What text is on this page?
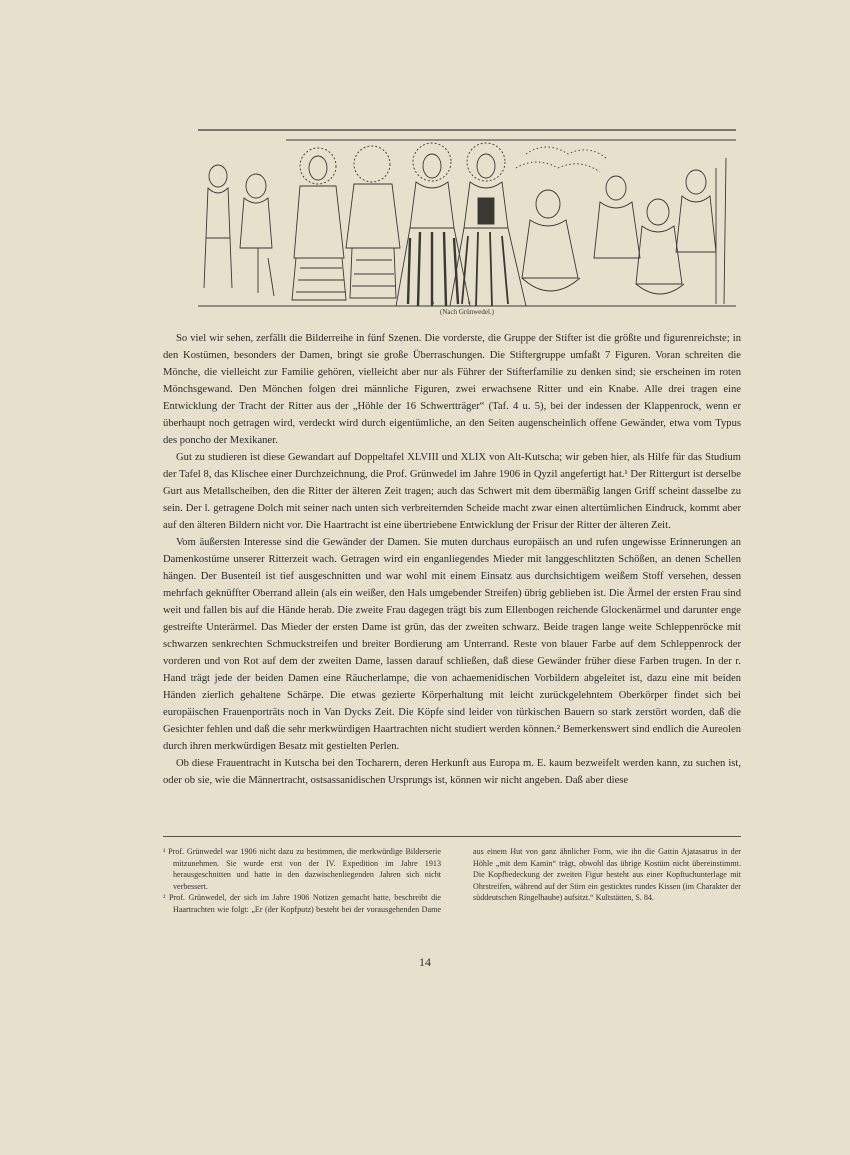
a	b
(Nach Grünwedel.)

So viel wir sehen, zerfällt die Bilderreihe in fünf Szenen. Die vorderste, die Gruppe der Stifter ist die größte und figurenreichste; in den Kostümen, besonders der Damen, bringt sie große Überraschungen. Die Stiftergruppe umfaßt 7 Figuren. Voran schreiten die Mönche, die vielleicht zur Familie gehören, vielleicht aber nur als Führer der Stifterfamilie zu denken sind; sie erscheinen im roten Mönchsgewand. Den Mönchen folgen drei männliche Figuren, zwei erwachsene Ritter und ein Knabe. Alle drei tragen eine Entwicklung der Tracht der Ritter aus der „Höhle der 16 Schwertträger“ (Taf. 4 u. 5), bei der indessen der Klappenrock, wenn er überhaupt noch getragen wird, verdeckt wird durch eigentümliche, an den Seiten augenscheinlich offene Gewänder, etwa vom Typus des poncho der Mexikaner.

Gut zu studieren ist diese Gewandart auf Doppeltafel XLVIII und XLIX von Alt-Kutscha; wir geben hier, als Hilfe für das Studium der Tafel 8, das Klischee einer Durchzeichnung, die Prof. Grünwedel im Jahre 1906 in Qyzil angefertigt hat.¹ Der Rittergurt ist derselbe Gurt aus Metallscheiben, den die Ritter der älteren Zeit tragen; auch das Schwert mit dem übermäßig langen Griff scheint dasselbe zu sein. Der l. getragene Dolch mit seiner nach unten sich verbreiternden Scheide macht zwar einen altertümlichen Eindruck, kommt aber auf den älteren Bildern nicht vor. Die Haartracht ist eine übertriebene Entwicklung der Frisur der Ritter der älteren Zeit.

Vom äußersten Interesse sind die Gewänder der Damen. Sie muten durchaus europäisch an und rufen ungewisse Erinnerungen an Damenkostüme unserer Ritterzeit wach. Getragen wird ein enganliegendes Mieder mit langgeschlitzten Schößen, an denen Schellen hängen. Der Busenteil ist tief ausgeschnitten und war wohl mit einem Einsatz aus durchsichtigem weißem Stoff versehen, dessen mehrfach geknüffter Oberrand allein (als ein weißer, den Hals umgebender Streifen) übrig geblieben ist. Die Ärmel der ersten Frau sind weit und fallen bis auf die Hände herab. Die zweite Frau dagegen trägt bis zum Ellenbogen reichende Glockenärmel und darunter enge gestreifte Unterärmel. Das Mieder der ersten Dame ist grün, das der zweiten schwarz. Beide tragen lange weite Schleppenröcke mit schwarzen senkrechten Schmuckstreifen und breiter Bordierung am Unterrand. Reste von blauer Farbe auf dem Schleppenrock der vorderen und von Rot auf dem der zweiten Dame, lassen darauf schließen, daß diese Gewänder früher diese Farben trugen. In der r. Hand trägt jede der beiden Damen eine Räucherlampe, die von achaemenidischen Vorbildern abgeleitet ist, dazu eine mit beiden Händen zierlich gehaltene Schärpe. Die etwas gezierte Körperhaltung mit leicht zurückgelehntem Oberkörper findet sich bei europäischen Frauenporträts noch in Van Dycks Zeit. Die Köpfe sind leider von türkischen Bauern so stark zerstört worden, daß die Gesichter fehlen und daß die sehr merkwürdigen Haartrachten nicht studiert werden können.² Bemerkenswert sind endlich die Aureolen durch ihren merkwürdigen Besatz mit gestielten Perlen.

Ob diese Frauentracht in Kutscha bei den Tocharern, deren Herkunft aus Europa m. E. kaum bezweifelt werden kann, zu suchen ist, oder ob sie, wie die Männertracht, ostsassanidischen Ursprungs ist, können wir nicht angeben. Daß aber diese

¹ Prof. Grünwedel war 1906 nicht dazu zu bestimmen, die merkwürdige Bilderserie mitzunehmen. Sie wurde erst von der IV. Expedition im Jahre 1913 herausgeschnitten und hatte in den dazwischenliegenden Jahren sich nicht verbessert.

² Prof. Grünwedel, der sich im Jahre 1906 Notizen gemacht hatte, beschreibt die Haartrachten wie folgt: „Er (der Kopfputz) besteht bei der vorausgehenden Dame aus einem Hut von ganz ähnlicher Form, wie ihn die Gattin Ajatasatrus in der Höhle „mit dem Kamin“ trägt, obwohl das übrige Kostüm nicht übereinstimmt. Die Kopfbedeckung der zweiten Figur besteht aus einer Kopftuchunterlage mit Ohrstreifen, während auf der Stirn ein gesticktes rundes Kissen (im Charakter der süddeutschen Ringelhaube) aufsitzt.“ Kultstätten, S. 84.

14
